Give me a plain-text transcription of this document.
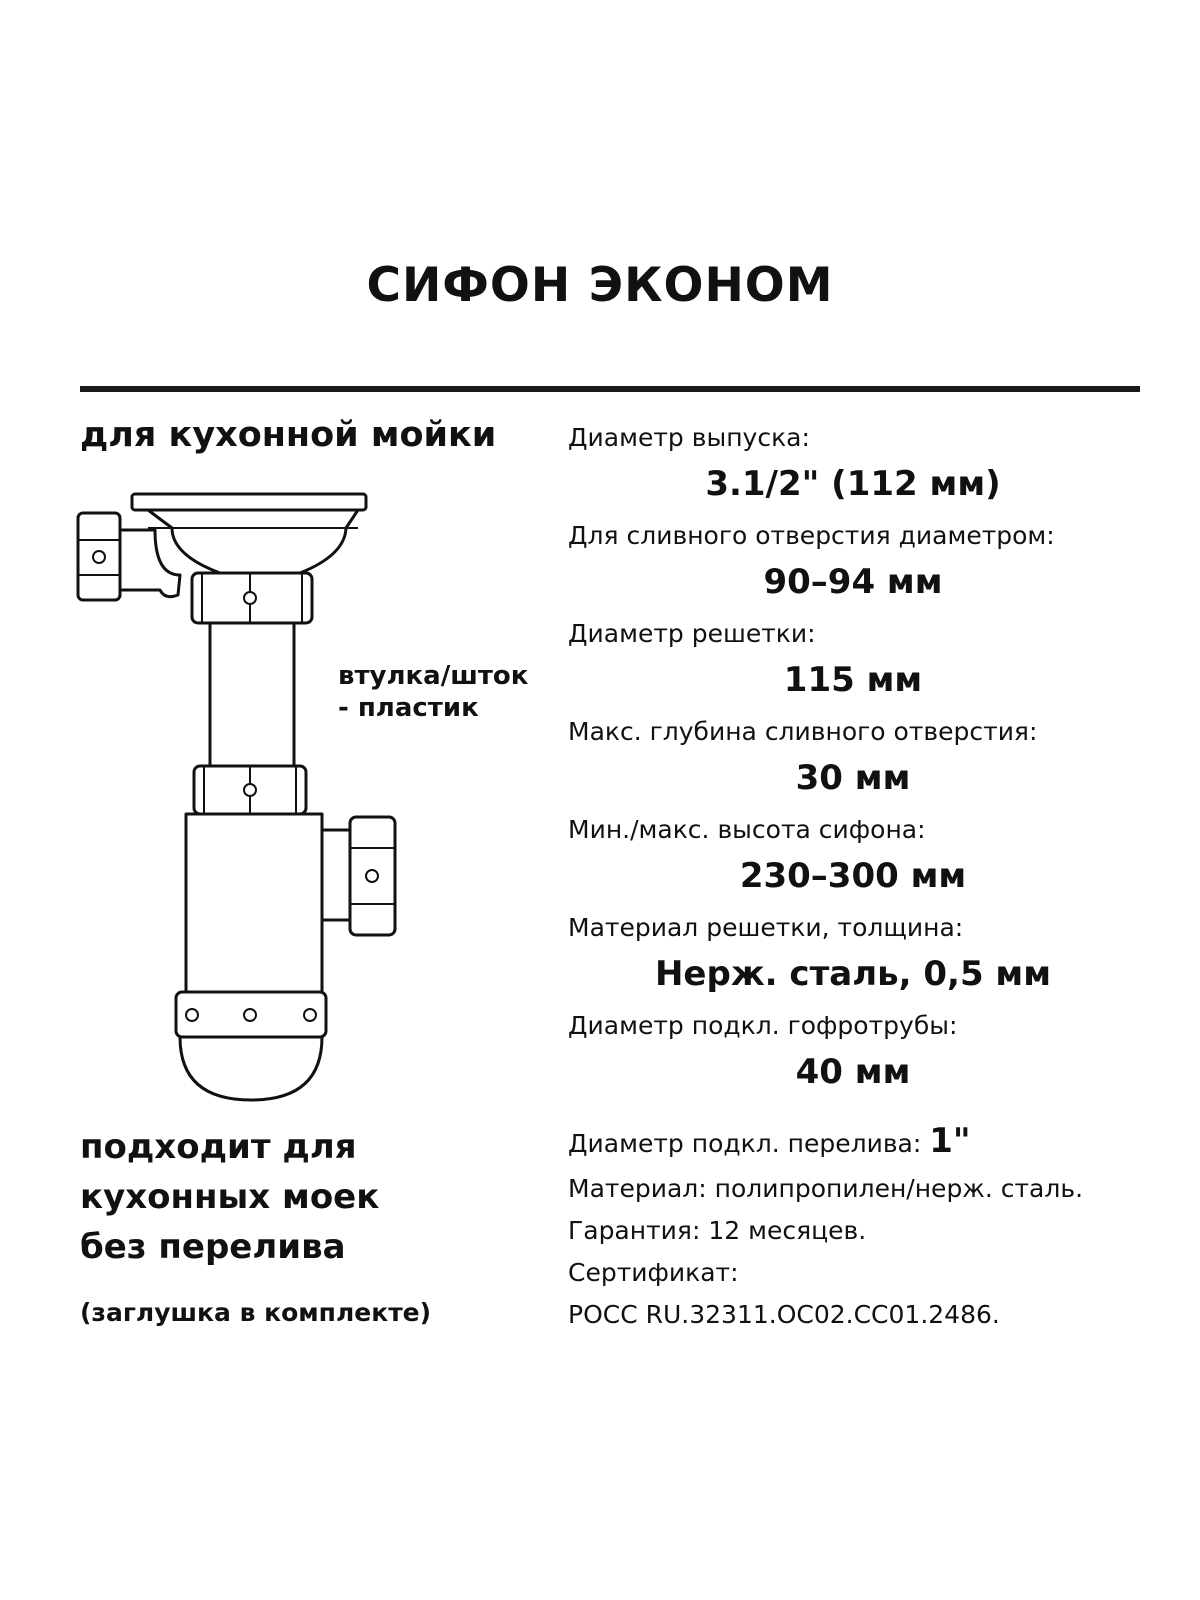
СИФОН ЭКОНОМ
для кухонной мойки
втулка/шток
- пластик
подходит для
кухонных моек
без перелива
(заглушка в комплекте)
Диаметр выпуска:
3.1/2" (112 мм)
Для сливного отверстия диаметром:
90–94 мм
Диаметр решетки:
115 мм
Макс. глубина сливного отверстия:
30 мм
Мин./макс. высота сифона:
230–300 мм
Материал решетки, толщина:
Нерж. сталь, 0,5 мм
Диаметр подкл. гофротрубы:
40 мм
Диаметр подкл. перелива: 1"
Материал: полипропилен/нерж. сталь.
Гарантия: 12 месяцев.
Сертификат:
РОСС RU.32311.ОС02.СС01.2486.
